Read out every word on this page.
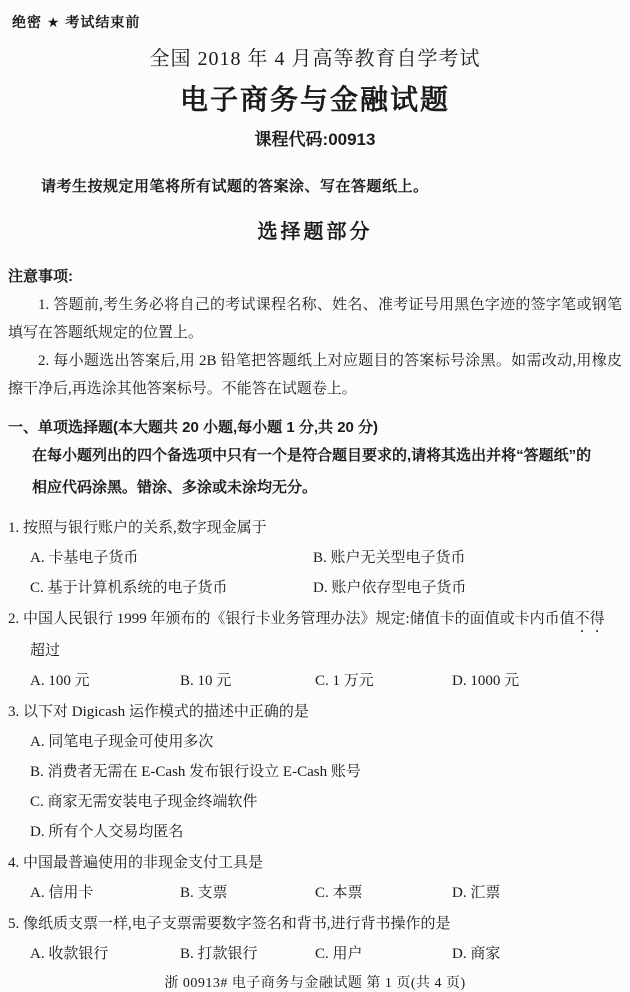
绝密 ★ 考试结束前
全国 2018 年 4 月高等教育自学考试
电子商务与金融试题
课程代码:00913
请考生按规定用笔将所有试题的答案涂、写在答题纸上。
选择题部分
注意事项:

1. 答题前,考生务必将自己的考试课程名称、姓名、准考证号用黑色字迹的签字笔或钢笔填写在答题纸规定的位置上。

2. 每小题选出答案后,用 2B 铅笔把答题纸上对应题目的答案标号涂黑。如需改动,用橡皮擦干净后,再选涂其他答案标号。不能答在试题卷上。

一、单项选择题(本大题共 20 小题,每小题 1 分,共 20 分)
在每小题列出的四个备选项中只有一个是符合题目要求的,请将其选出并将“答题纸”的
相应代码涂黑。错涂、多涂或未涂均无分。
1. 按照与银行账户的关系,数字现金属于
A. 卡基电子货币	B. 账户无关型电子货币
C. 基于计算机系统的电子货币	D. 账户依存型电子货币
2. 中国人民银行 1999 年颁布的《银行卡业务管理办法》规定:储值卡的面值或卡内币值不得
超过
A. 100 元	B. 10 元	C. 1 万元	D. 1000 元
3. 以下对 Digicash 运作模式的描述中正确的是
A. 同笔电子现金可使用多次
B. 消费者无需在 E-Cash 发布银行设立 E-Cash 账号
C. 商家无需安装电子现金终端软件
D. 所有个人交易均匿名
4. 中国最普遍使用的非现金支付工具是
A. 信用卡	B. 支票	C. 本票	D. 汇票
5. 像纸质支票一样,电子支票需要数字签名和背书,进行背书操作的是
A. 收款银行	B. 打款银行	C. 用户	D. 商家
浙 00913# 电子商务与金融试题 第 1 页(共 4 页)
